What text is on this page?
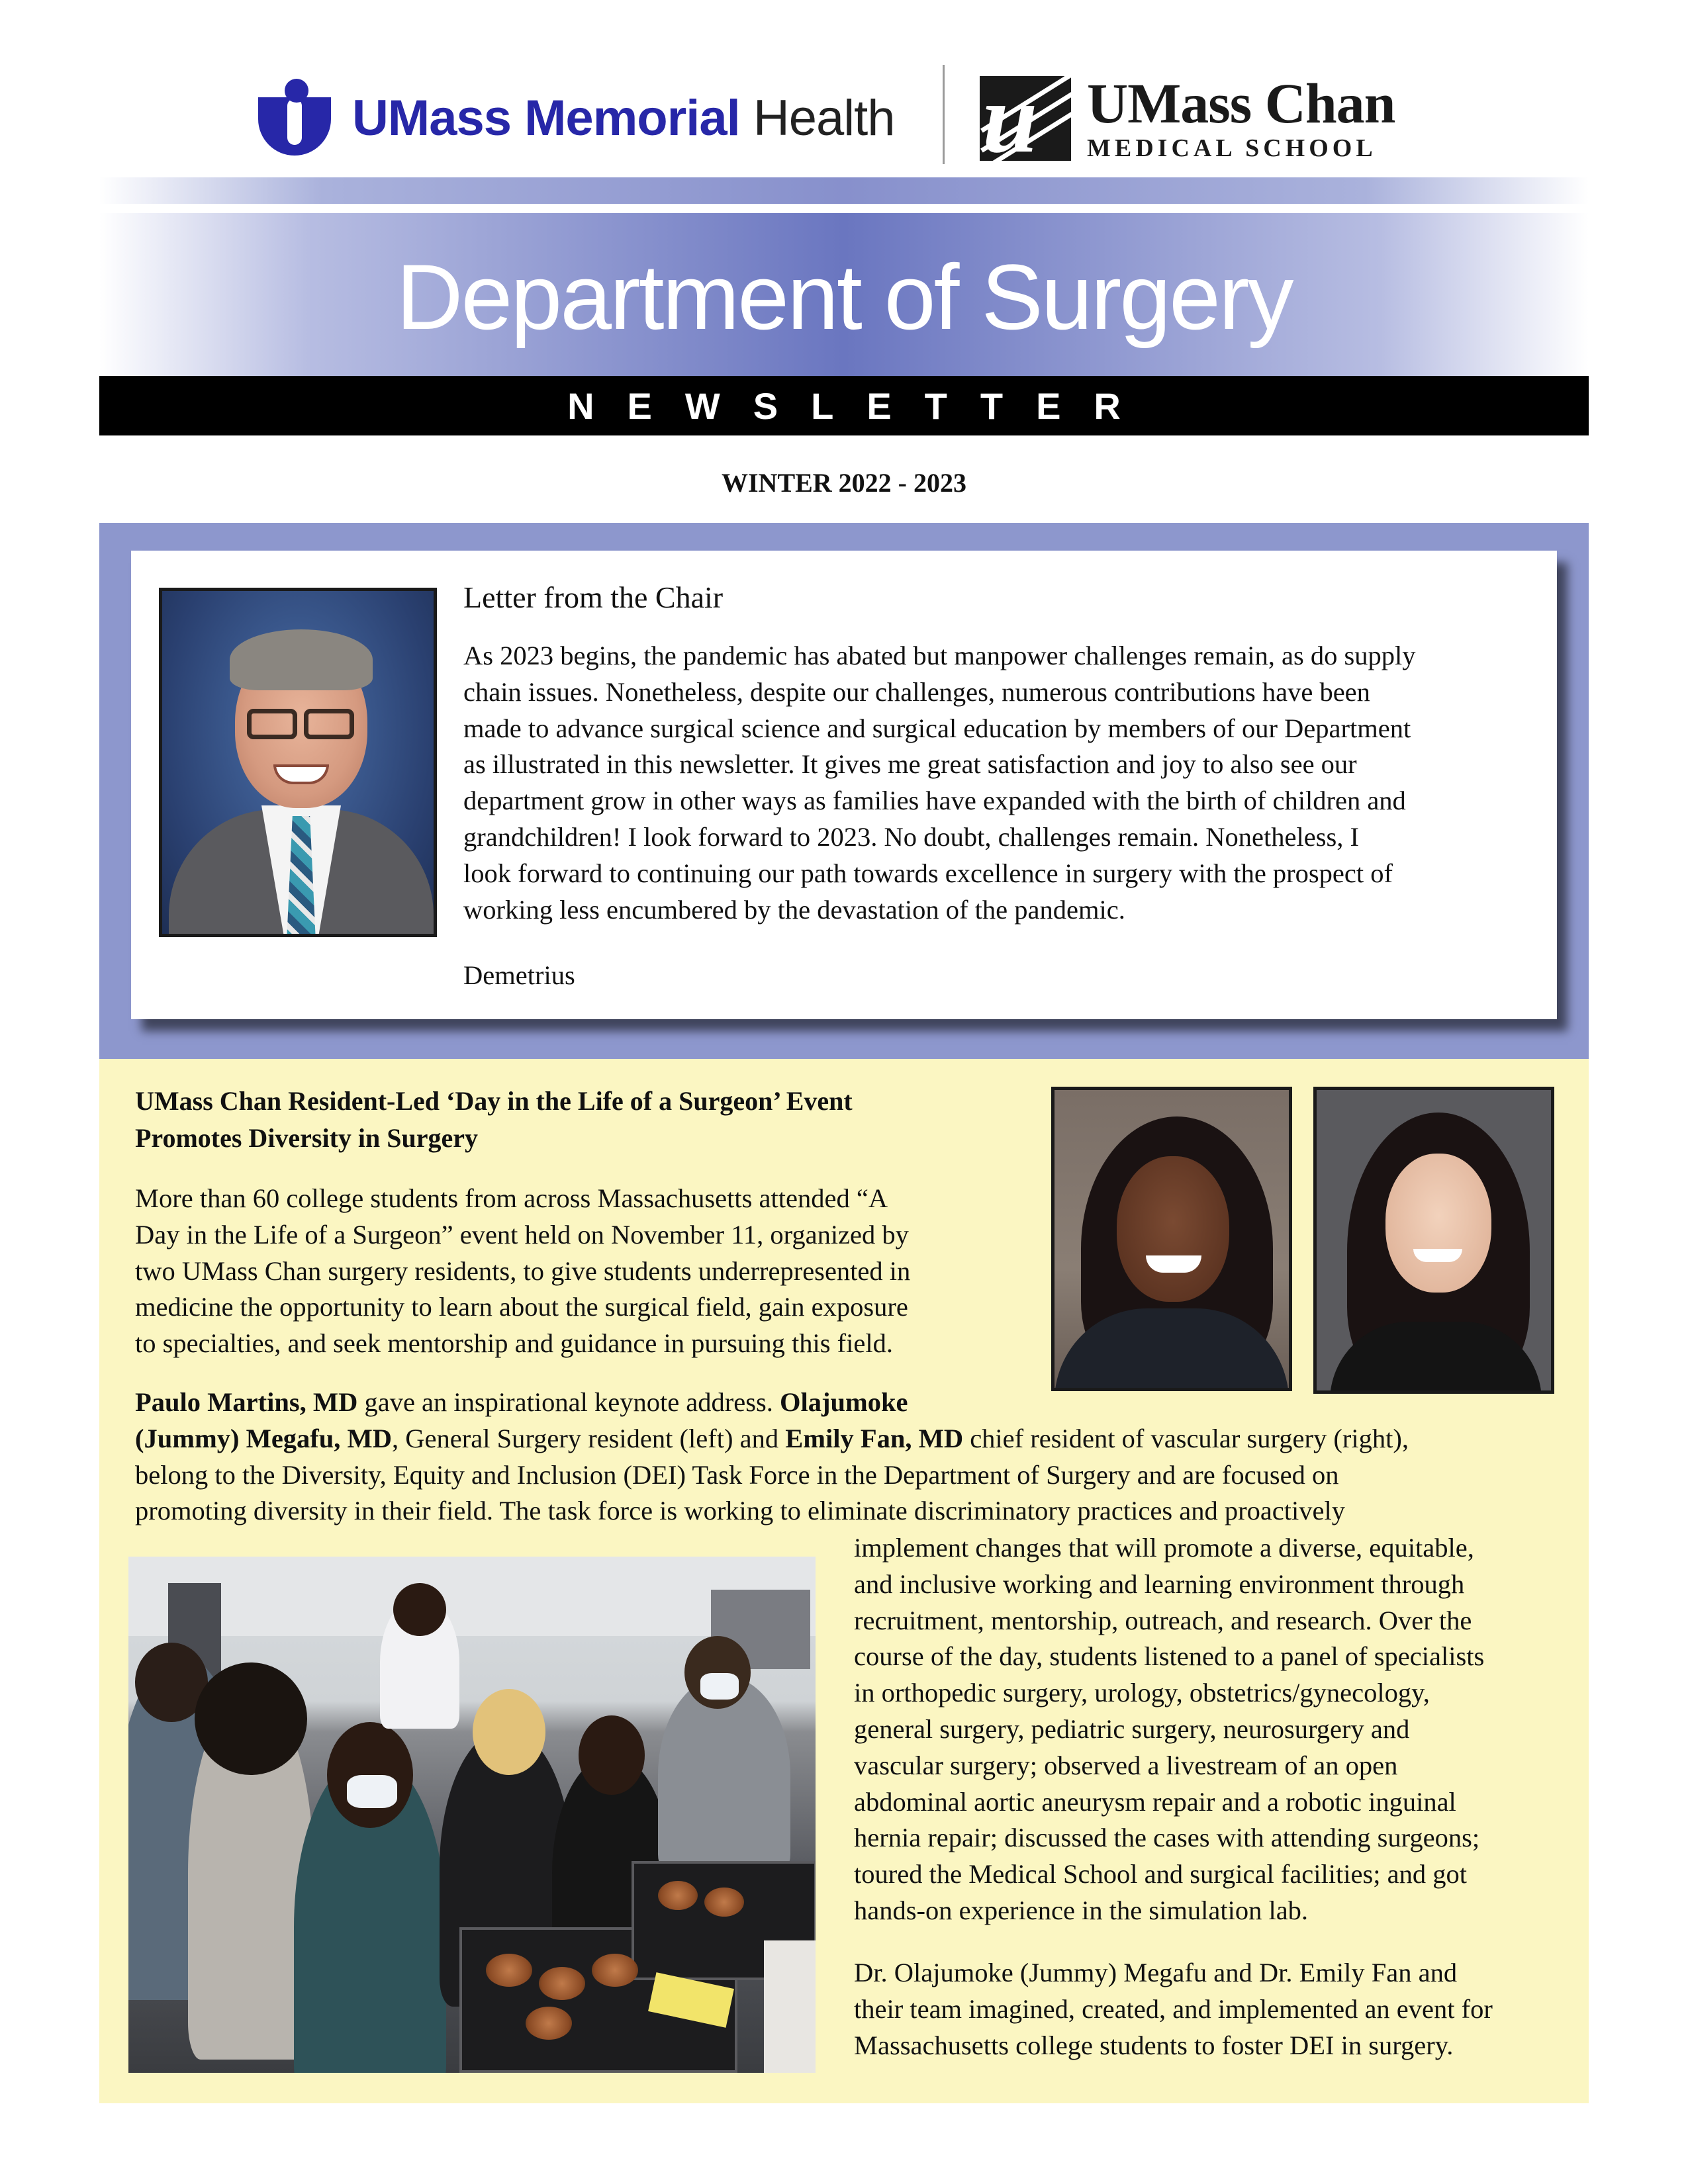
UMass Memorial Health u UMass Chan
MEDICAL SCHOOL
Department of Surgery
NEWSLETTER
WINTER 2022 - 2023
Letter from the Chair

As 2023 begins, the pandemic has abated but manpower challenges remain, as do supply

chain issues. Nonetheless, despite our challenges, numerous contributions have been

made to advance surgical science and surgical education by members of our Department

as illustrated in this newsletter. It gives me great satisfaction and joy to also see our

department grow in other ways as families have expanded with the birth of children and

grandchildren! I look forward to 2023. No doubt, challenges remain. Nonetheless, I

look forward to continuing our path towards excellence in surgery with the prospect of

working less encumbered by the devastation of the pandemic.

Demetrius
UMass Chan Resident-Led ‘Day in the Life of a Surgeon’ Event
Promotes Diversity in Surgery
More than 60 college students from across Massachusetts attended “A
Day in the Life of a Surgeon” event held on November 11, organized by
two UMass Chan surgery residents, to give students underrepresented in
medicine the opportunity to learn about the surgical field, gain exposure
to specialties, and seek mentorship and guidance in pursuing this field.
Paulo Martins, MD gave an inspirational keynote address. Olajumoke
(Jummy) Megafu, MD, General Surgery resident (left) and Emily Fan, MD chief resident of vascular surgery (right),
belong to the Diversity, Equity and Inclusion (DEI) Task Force in the Department of Surgery and are focused on
promoting diversity in their field. The task force is working to eliminate discriminatory practices and proactively
implement changes that will promote a diverse, equitable,
and inclusive working and learning environment through
recruitment, mentorship, outreach, and research. Over the
course of the day, students listened to a panel of specialists
in orthopedic surgery, urology, obstetrics/gynecology,
general surgery, pediatric surgery, neurosurgery and
vascular surgery; observed a livestream of an open
abdominal aortic aneurysm repair and a robotic inguinal
hernia repair; discussed the cases with attending surgeons;
toured the Medical School and surgical facilities; and got
hands-on experience in the simulation lab.
Dr. Olajumoke (Jummy) Megafu and Dr. Emily Fan and
their team imagined, created, and implemented an event for
Massachusetts college students to foster DEI in surgery.
